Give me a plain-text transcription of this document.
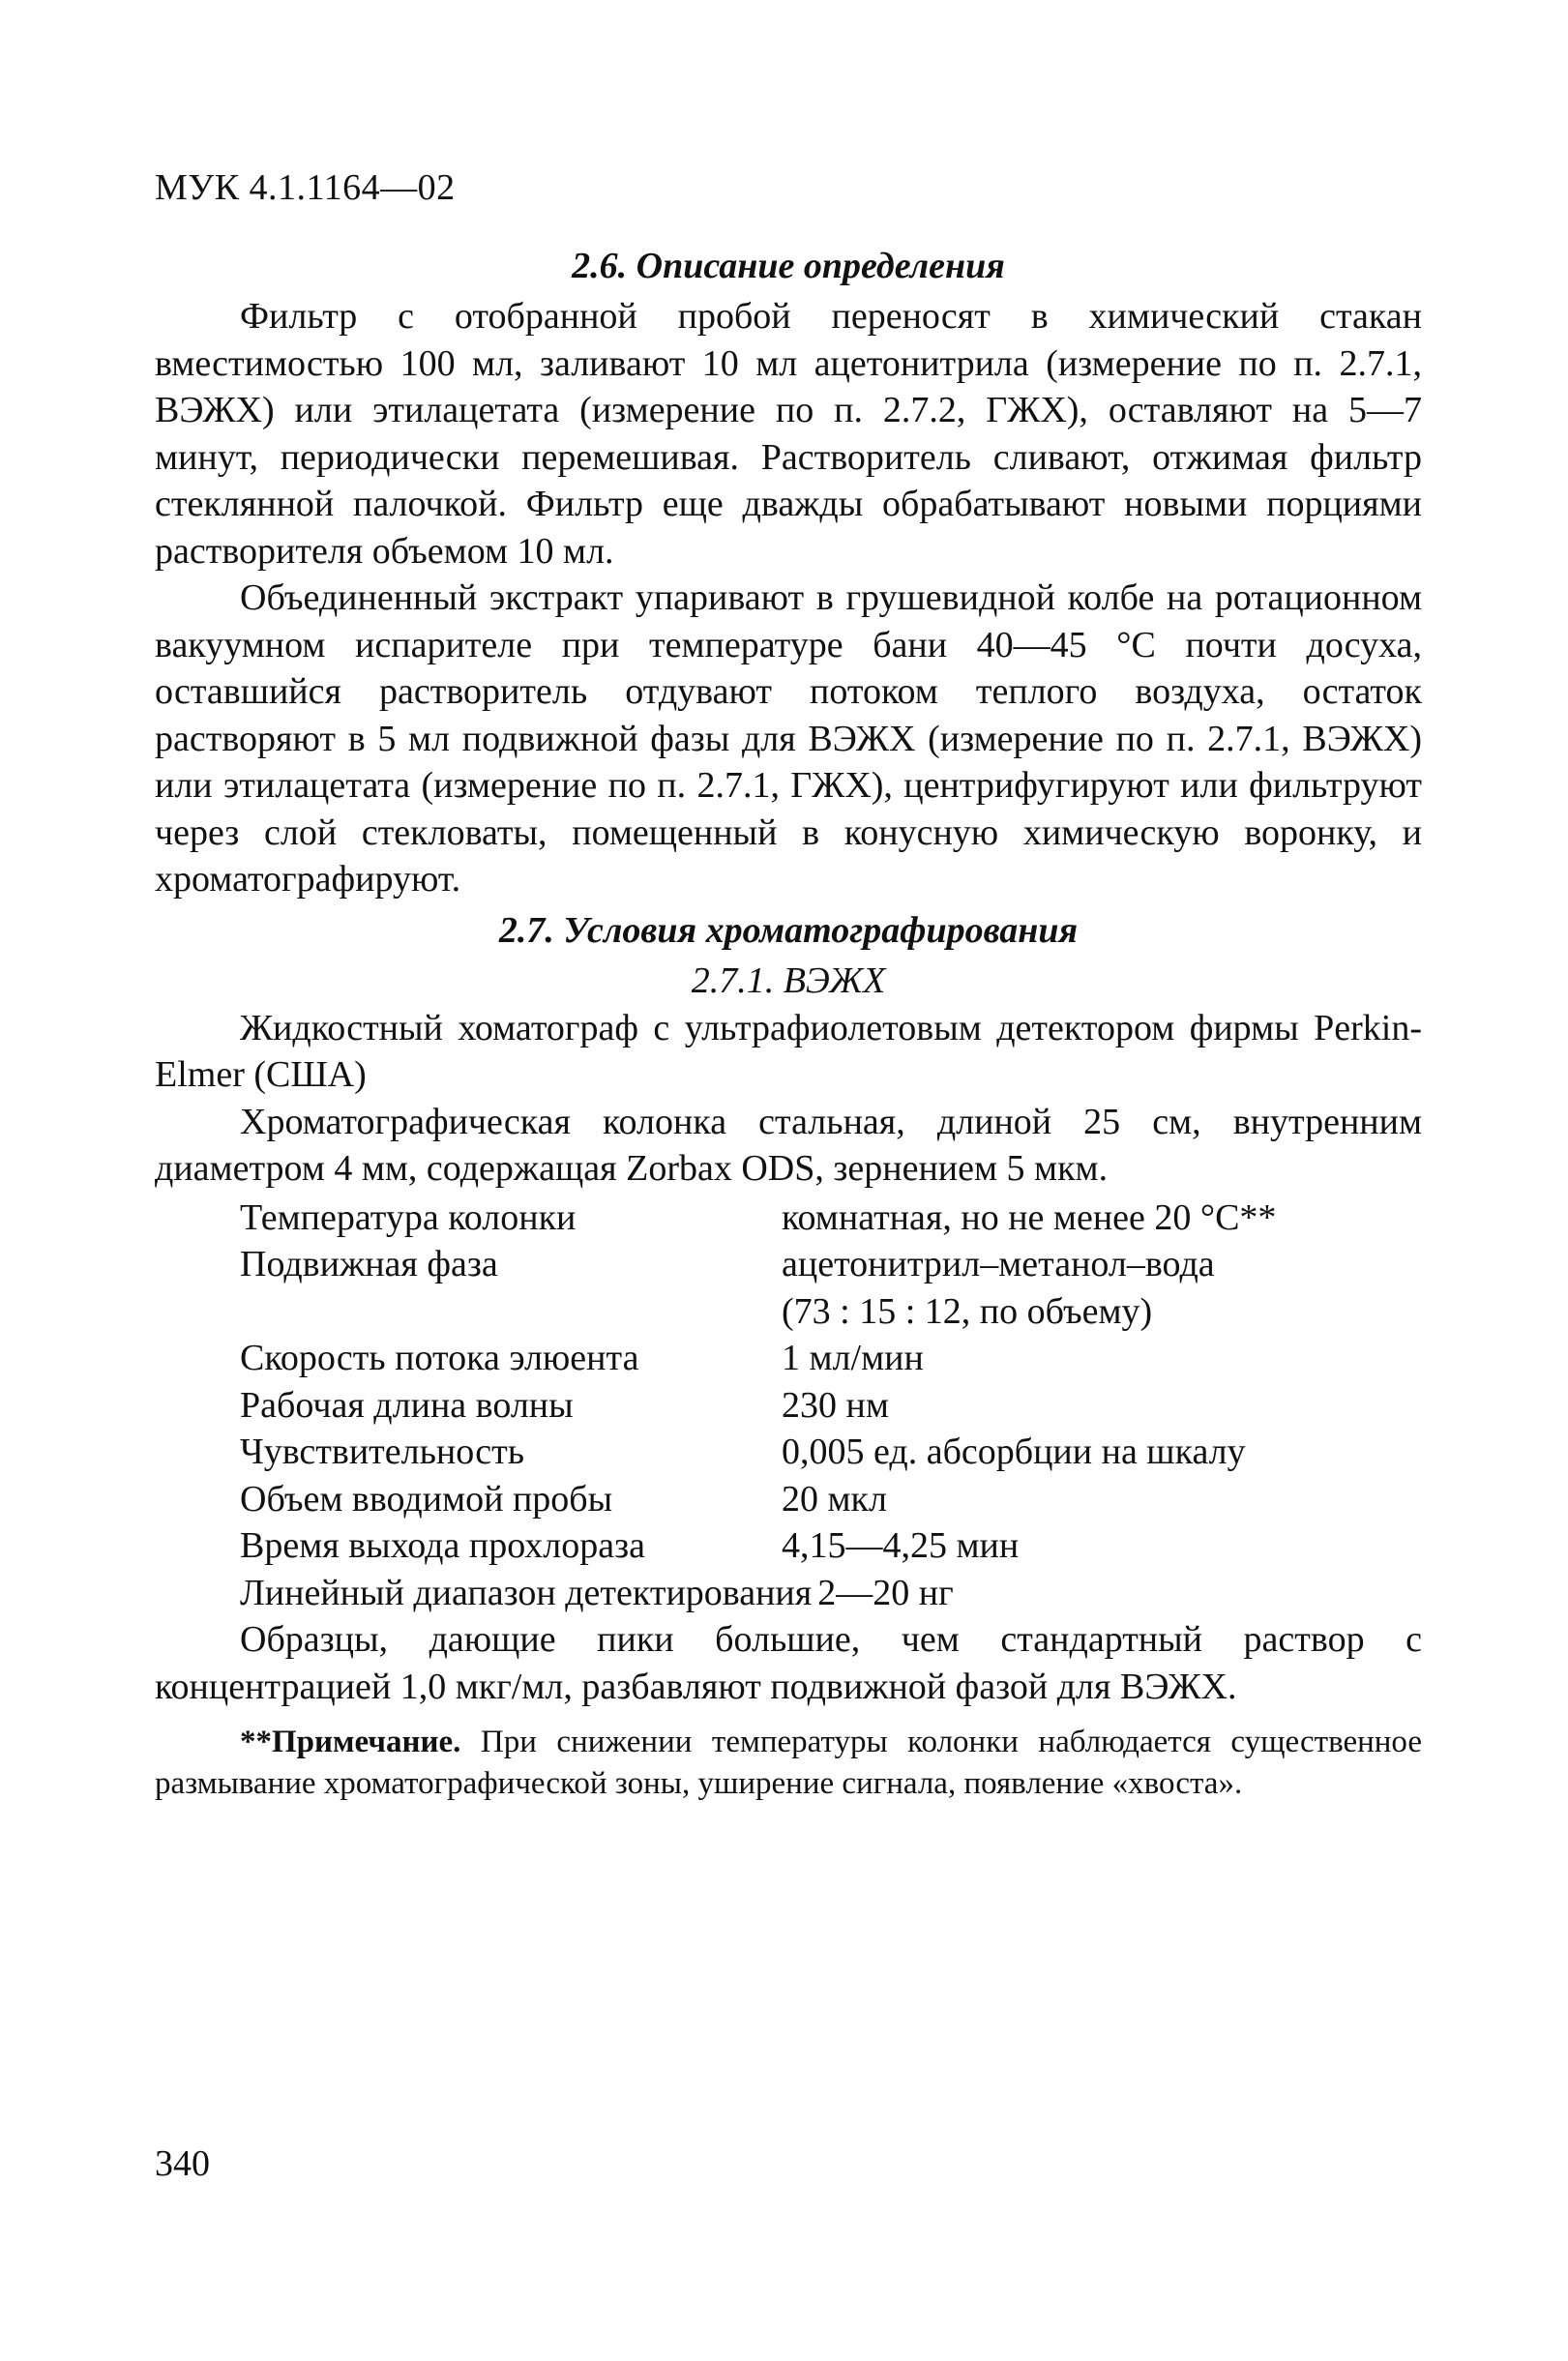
МУК 4.1.1164—02
2.6. Описание определения

Фильтр с отобранной пробой переносят в химический стакан вместимостью 100 мл, заливают 10 мл ацетонитрила (измерение по п. 2.7.1, ВЭЖХ) или этилацетата (измерение по п. 2.7.2, ГЖХ), оставляют на 5—7 минут, периодически перемешивая. Растворитель сливают, отжимая фильтр стеклянной палочкой. Фильтр еще дважды обрабатывают новыми порциями растворителя объемом 10 мл.

Объединенный экстракт упаривают в грушевидной колбе на ротационном вакуумном испарителе при температуре бани 40—45 °С почти досуха, оставшийся растворитель отдувают потоком теплого воздуха, остаток растворяют в 5 мл подвижной фазы для ВЭЖХ (измерение по п. 2.7.1, ВЭЖХ) или этилацетата (измерение по п. 2.7.1, ГЖХ), центрифугируют или фильтруют через слой стекловаты, помещенный в конусную химическую воронку, и хроматографируют.

2.7. Условия хроматографирования
2.7.1. ВЭЖХ

Жидкостный хоматограф с ультрафиолетовым детектором фирмы Perkin-Elmer (США)

Хроматографическая колонка стальная, длиной 25 см, внутренним диаметром 4 мм, содержащая Zorbax ODS, зернением 5 мкм.

Температура колонки	комнатная, но не менее 20 °С**
Подвижная фаза	ацетонитрил–метанол–вода
(73 : 15 : 12, по объему)
Скорость потока элюента	1 мл/мин
Рабочая длина волны	230 нм
Чувствительность	0,005 ед. абсорбции на шкалу
Объем вводимой пробы	20 мкл
Время выхода прохлораза	4,15—4,25 мин
Линейный диапазон детектирования 2—20 нг

Образцы, дающие пики большие, чем стандартный раствор с концентрацией 1,0 мкг/мл, разбавляют подвижной фазой для ВЭЖХ.

**Примечание. При снижении температуры колонки наблюдается существенное размывание хроматографической зоны, уширение сигнала, появление «хвоста».

340
